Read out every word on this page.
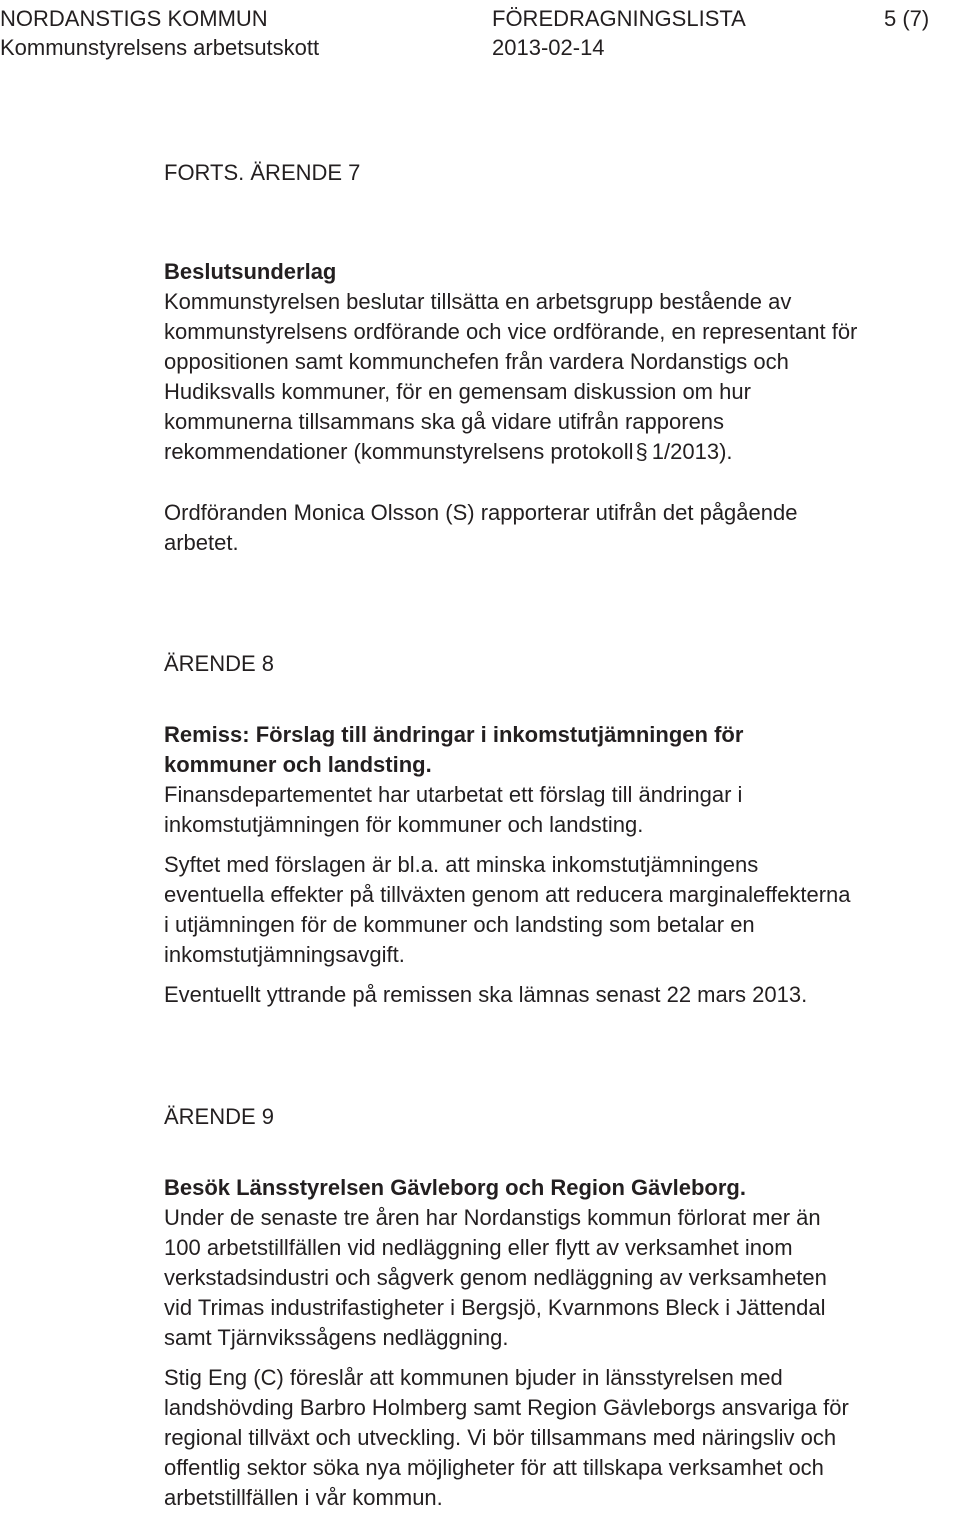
NORDANSTIGS KOMMUN	FÖREDRAGNINGSLISTA	5 (7)
Kommunstyrelsens arbetsutskott	2013-02-14
FORTS. ÄRENDE 7
Beslutsunderlag

Kommunstyrelsen beslutar tillsätta en arbetsgrupp bestående av
kommunstyrelsens ordförande och vice ordförande, en representant för
oppositionen samt kommunchefen från vardera Nordanstigs och
Hudiksvalls kommuner, för en gemensam diskussion om hur
kommunerna tillsammans ska gå vidare utifrån rapporens
rekommendationer (kommunstyrelsens protokoll§ 1/2013).

Ordföranden Monica Olsson (S) rapporterar utifrån det pågående
arbetet.

ÄRENDE 8
Remiss: Förslag till ändringar i inkomstutjämningen för
kommuner och landsting.

Finansdepartementet har utarbetat ett förslag till ändringar i
inkomstutjämningen för kommuner och landsting.

Syftet med förslagen är bl.a. att minska inkomstutjämningens
eventuella effekter på tillväxten genom att reducera marginaleffekterna
i utjämningen för de kommuner och landsting som betalar en
inkomstutjämningsavgift.

Eventuellt yttrande på remissen ska lämnas senast 22 mars 2013.

ÄRENDE 9
Besök Länsstyrelsen Gävleborg och Region Gävleborg.

Under de senaste tre åren har Nordanstigs kommun förlorat mer än
100 arbetstillfällen vid nedläggning eller flytt av verksamhet inom
verkstadsindustri och sågverk genom nedläggning av verksamheten
vid Trimas industrifastigheter i Bergsjö, Kvarnmons Bleck i Jättendal
samt Tjärnvikssågens nedläggning.

Stig Eng (C) föreslår att kommunen bjuder in länsstyrelsen med
landshövding Barbro Holmberg samt Region Gävleborgs ansvariga för
regional tillväxt och utveckling. Vi bör tillsammans med näringsliv och
offentlig sektor söka nya möjligheter för att tillskapa verksamhet och
arbetstillfällen i vår kommun.
